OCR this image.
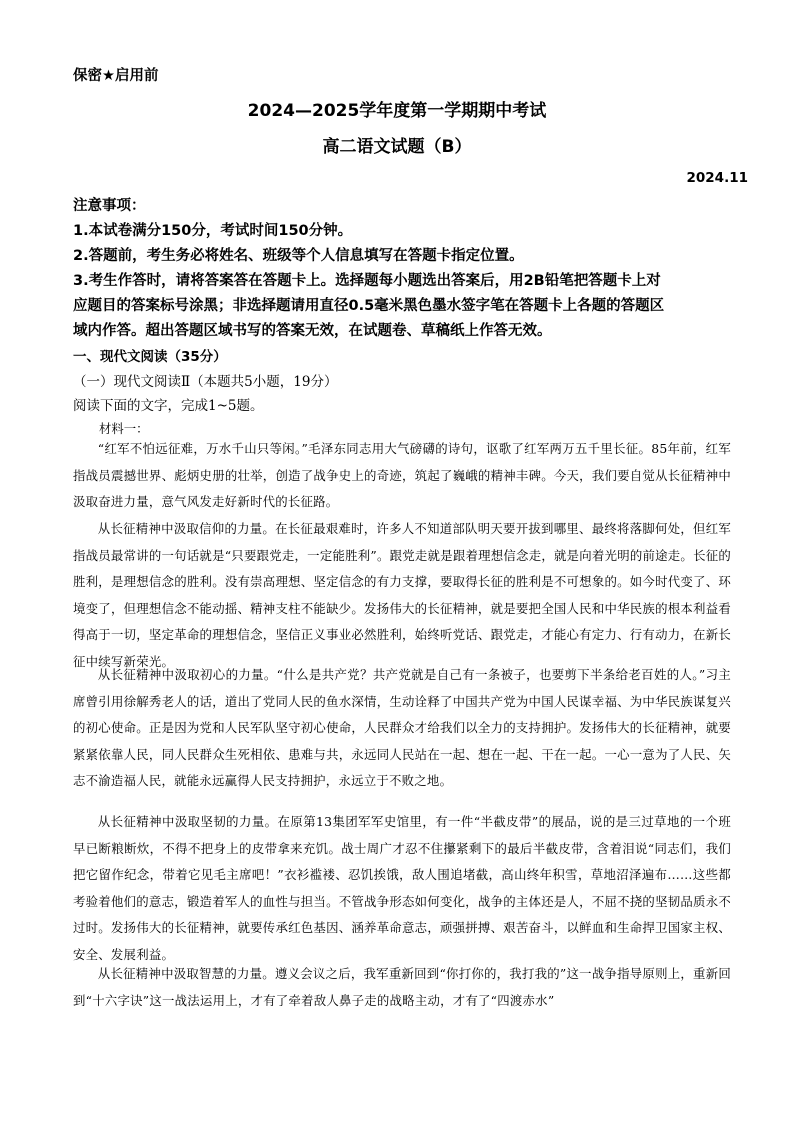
保密★启用前
2024—2025学年度第一学期期中考试
高二语文试题（B）
2024.11
注意事项：
1.本试卷满分150分，考试时间150分钟。
2.答题前，考生务必将姓名、班级等个人信息填写在答题卡指定位置。
3.考生作答时，请将答案答在答题卡上。选择题每小题选出答案后，用2B铅笔把答题卡上对
应题目的答案标号涂黑；非选择题请用直径0.5毫米黑色墨水签字笔在答题卡上各题的答题区
域内作答。超出答题区域书写的答案无效，在试题卷、草稿纸上作答无效。
一、现代文阅读（35分）
（一）现代文阅读Ⅱ（本题共5小题，19分）
阅读下面的文字，完成1~5题。
材料一：
“红军不怕远征难，万水千山只等闲。”毛泽东同志用大气磅礴的诗句，讴歌了红军两万五千里长征。85年前，红军指战员震撼世界、彪炳史册的壮举，创造了战争史上的奇迹，筑起了巍峨的精神丰碑。今天，我们要自觉从长征精神中汲取奋进力量，意气风发走好新时代的长征路。
从长征精神中汲取信仰的力量。在长征最艰难时，许多人不知道部队明天要开拔到哪里、最终将落脚何处，但红军指战员最常讲的一句话就是“只要跟党走，一定能胜利”。跟党走就是跟着理想信念走，就是向着光明的前途走。长征的胜利，是理想信念的胜利。没有崇高理想、坚定信念的有力支撑，要取得长征的胜利是不可想象的。如今时代变了、环境变了，但理想信念不能动摇、精神支柱不能缺少。发扬伟大的长征精神，就是要把全国人民和中华民族的根本利益看得高于一切，坚定革命的理想信念，坚信正义事业必然胜利，始终听党话、跟党走，才能心有定力、行有动力，在新长征中续写新荣光。
从长征精神中汲取初心的力量。“什么是共产党？共产党就是自己有一条被子，也要剪下半条给老百姓的人。”习主席曾引用徐解秀老人的话，道出了党同人民的鱼水深情，生动诠释了中国共产党为中国人民谋幸福、为中华民族谋复兴的初心使命。正是因为党和人民军队坚守初心使命，人民群众才给我们以全力的支持拥护。发扬伟大的长征精神，就要紧紧依靠人民，同人民群众生死相依、患难与共，永远同人民站在一起、想在一起、干在一起。一心一意为了人民、矢志不渝造福人民，就能永远赢得人民支持拥护，永远立于不败之地。
从长征精神中汲取坚韧的力量。在原第13集团军军史馆里，有一件“半截皮带”的展品，说的是三过草地的一个班早已断粮断炊，不得不把身上的皮带拿来充饥。战士周广才忍不住攥紧剩下的最后半截皮带，含着泪说“同志们，我们把它留作纪念，带着它见毛主席吧！”衣衫褴褛、忍饥挨饿，敌人围追堵截，高山终年积雪，草地沼泽遍布……这些都考验着他们的意志，锻造着军人的血性与担当。不管战争形态如何变化，战争的主体还是人，不屈不挠的坚韧品质永不过时。发扬伟大的长征精神，就要传承红色基因、涵养革命意志，顽强拼搏、艰苦奋斗，以鲜血和生命捍卫国家主权、安全、发展利益。
从长征精神中汲取智慧的力量。遵义会议之后，我军重新回到“你打你的，我打我的”这一战争指导原则上，重新回到“十六字诀”这一战法运用上，才有了牵着敌人鼻子走的战略主动，才有了“四渡赤水”
